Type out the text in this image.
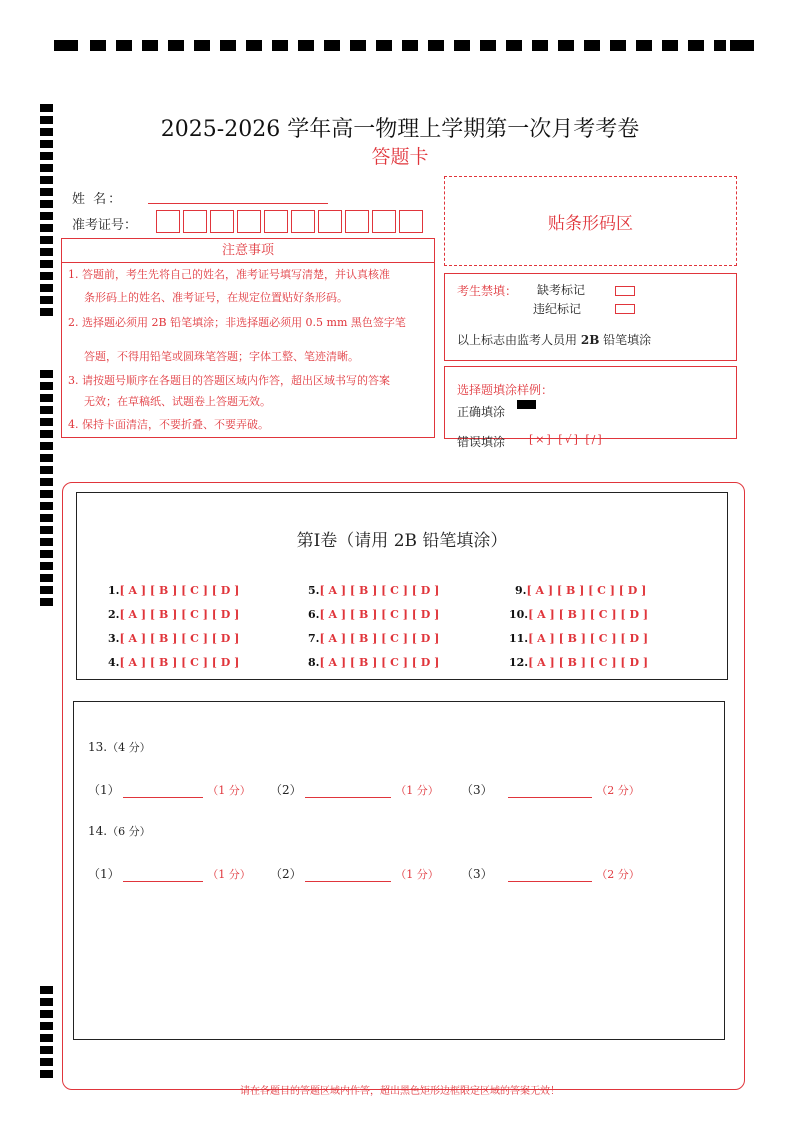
2025-2026 学年高一物理上学期第一次月考考卷
答题卡
姓 名：
准考证号：	贴条形码区
注意事项
1. 答题前，考生先将自己的姓名，准考证号填写清楚，并认真核准
条形码上的姓名、准考证号，在规定位置贴好条形码。
2. 选择题必须用 2B 铅笔填涂；非选择题必须用 0.5 mm 黑色签字笔
答题，不得用铅笔或圆珠笔答题；字体工整、笔迹清晰。
3. 请按题号顺序在各题目的答题区域内作答，超出区域书写的答案
无效；在草稿纸、试题卷上答题无效。
4. 保持卡面清洁，不要折叠、不要弄破。
考生禁填： 缺考标记
违纪标记
以上标志由监考人员用 2B 铅笔填涂
选择题填涂样例：
正确填涂
错误填涂 [×] [√] [/]
第Ⅰ卷（请用 2B 铅笔填涂）
1.[ A ] [ B ] [ C ] [ D ]
2.[ A ] [ B ] [ C ] [ D ]
3.[ A ] [ B ] [ C ] [ D ]
4.[ A ] [ B ] [ C ] [ D ]
5.[ A ] [ B ] [ C ] [ D ]
6.[ A ] [ B ] [ C ] [ D ]
7.[ A ] [ B ] [ C ] [ D ]
8.[ A ] [ B ] [ C ] [ D ]
9.[ A ] [ B ] [ C ] [ D ]
10.[ A ] [ B ] [ C ] [ D ]
11.[ A ] [ B ] [ C ] [ D ]
12.[ A ] [ B ] [ C ] [ D ]
13.（4 分）
（1）	（1 分） （2）	（1 分） （3）	（2 分）
14.（6 分）
（1）	（1 分） （2）	（1 分） （3）	（2 分）
请在各题目的答题区域内作答，超出黑色矩形边框限定区域的答案无效！
